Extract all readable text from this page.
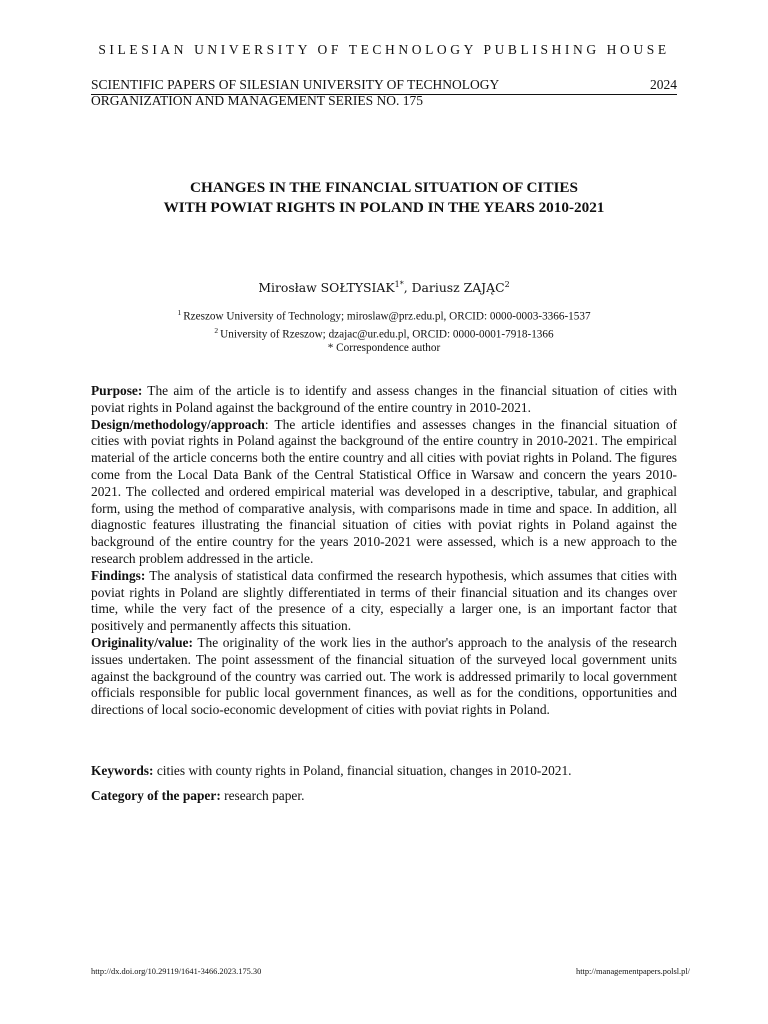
SILESIAN UNIVERSITY OF TECHNOLOGY PUBLISHING HOUSE
SCIENTIFIC PAPERS OF SILESIAN UNIVERSITY OF TECHNOLOGY	2024
ORGANIZATION AND MANAGEMENT SERIES NO. 175
CHANGES IN THE FINANCIAL SITUATION OF CITIES
WITH POWIAT RIGHTS IN POLAND IN THE YEARS 2010-2021
Mirosław $SOŁTYSIAK^{1*}$, Dariusz ZAJĄC$^2$
$^1$ Rzeszow University of Technology; miroslaw@prz.edu.pl, ORCID: 0000-0003-3366-1537
$^2$ University of Rzeszow; dzajac@ur.edu.pl, ORCID: 0000-0001-7918-1366
* Correspondence author

Purpose: The aim of the article is to identify and assess changes in the financial situation of cities with poviat rights in Poland against the background of the entire country in 2010-2021.

Design/methodology/approach: The article identifies and assesses changes in the financial situation of cities with poviat rights in Poland against the background of the entire country in 2010-2021. The empirical material of the article concerns both the entire country and all cities with poviat rights in Poland. The figures come from the Local Data Bank of the Central Statistical Office in Warsaw and concern the years 2010-2021. The collected and ordered empirical material was developed in a descriptive, tabular, and graphical form, using the method of comparative analysis, with comparisons made in time and space. In addition, all diagnostic features illustrating the financial situation of cities with poviat rights in Poland against the background of the entire country for the years 2010-2021 were assessed, which is a new approach to the research problem addressed in the article.

Findings: The analysis of statistical data confirmed the research hypothesis, which assumes that cities with poviat rights in Poland are slightly differentiated in terms of their financial situation and its changes over time, while the very fact of the presence of a city, especially a larger one, is an important factor that positively and permanently affects this situation.

Originality/value: The originality of the work lies in the author's approach to the analysis of the research issues undertaken. The point assessment of the financial situation of the surveyed local government units against the background of the country was carried out. The work is addressed primarily to local government officials responsible for public local government finances, as well as for the conditions, opportunities and directions of local socio-economic development of cities with poviat rights in Poland.

Keywords: cities with county rights in Poland, financial situation, changes in 2010-2021.
Category of the paper: research paper.
http://dx.doi.org/10.29119/1641-3466.2023.175.30	http://managementpapers.polsl.pl/
